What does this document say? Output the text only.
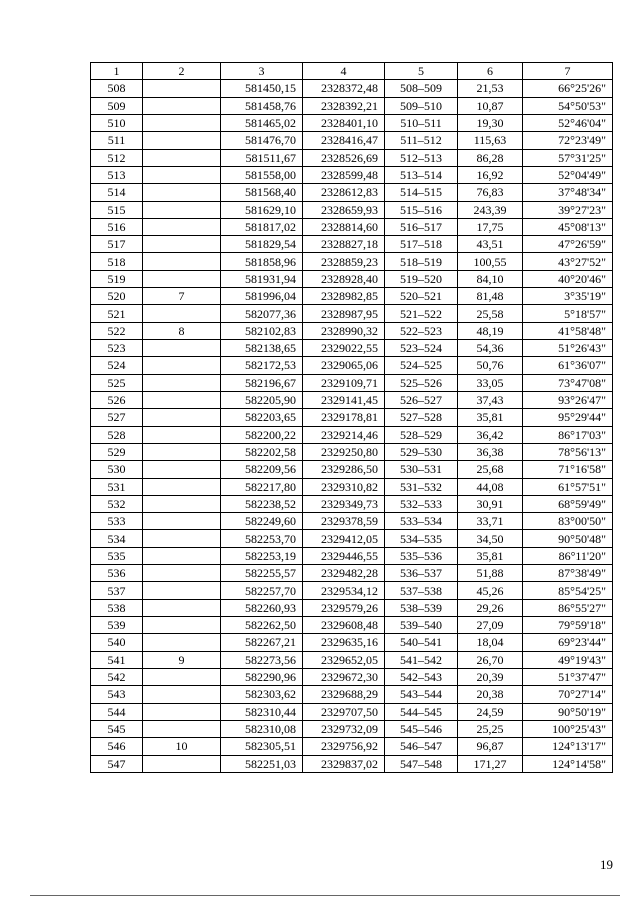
1	2	3	4	5	6	7
508		581450,15	2328372,48	508–509	21,53	66°25'26"
509		581458,76	2328392,21	509–510	10,87	54°50'53"
510		581465,02	2328401,10	510–511	19,30	52°46'04"
511		581476,70	2328416,47	511–512	115,63	72°23'49"
512		581511,67	2328526,69	512–513	86,28	57°31'25"
513		581558,00	2328599,48	513–514	16,92	52°04'49"
514		581568,40	2328612,83	514–515	76,83	37°48'34"
515		581629,10	2328659,93	515–516	243,39	39°27'23"
516		581817,02	2328814,60	516–517	17,75	45°08'13"
517		581829,54	2328827,18	517–518	43,51	47°26'59"
518		581858,96	2328859,23	518–519	100,55	43°27'52"
519		581931,94	2328928,40	519–520	84,10	40°20'46"
520	7	581996,04	2328982,85	520–521	81,48	3°35'19"
521		582077,36	2328987,95	521–522	25,58	5°18'57"
522	8	582102,83	2328990,32	522–523	48,19	41°58'48"
523		582138,65	2329022,55	523–524	54,36	51°26'43"
524		582172,53	2329065,06	524–525	50,76	61°36'07"
525		582196,67	2329109,71	525–526	33,05	73°47'08"
526		582205,90	2329141,45	526–527	37,43	93°26'47"
527		582203,65	2329178,81	527–528	35,81	95°29'44"
528		582200,22	2329214,46	528–529	36,42	86°17'03"
529		582202,58	2329250,80	529–530	36,38	78°56'13"
530		582209,56	2329286,50	530–531	25,68	71°16'58"
531		582217,80	2329310,82	531–532	44,08	61°57'51"
532		582238,52	2329349,73	532–533	30,91	68°59'49"
533		582249,60	2329378,59	533–534	33,71	83°00'50"
534		582253,70	2329412,05	534–535	34,50	90°50'48"
535		582253,19	2329446,55	535–536	35,81	86°11'20"
536		582255,57	2329482,28	536–537	51,88	87°38'49"
537		582257,70	2329534,12	537–538	45,26	85°54'25"
538		582260,93	2329579,26	538–539	29,26	86°55'27"
539		582262,50	2329608,48	539–540	27,09	79°59'18"
540		582267,21	2329635,16	540–541	18,04	69°23'44"
541	9	582273,56	2329652,05	541–542	26,70	49°19'43"
542		582290,96	2329672,30	542–543	20,39	51°37'47"
543		582303,62	2329688,29	543–544	20,38	70°27'14"
544		582310,44	2329707,50	544–545	24,59	90°50'19"
545		582310,08	2329732,09	545–546	25,25	100°25'43"
546	10	582305,51	2329756,92	546–547	96,87	124°13'17"
547		582251,03	2329837,02	547–548	171,27	124°14'58"
19
